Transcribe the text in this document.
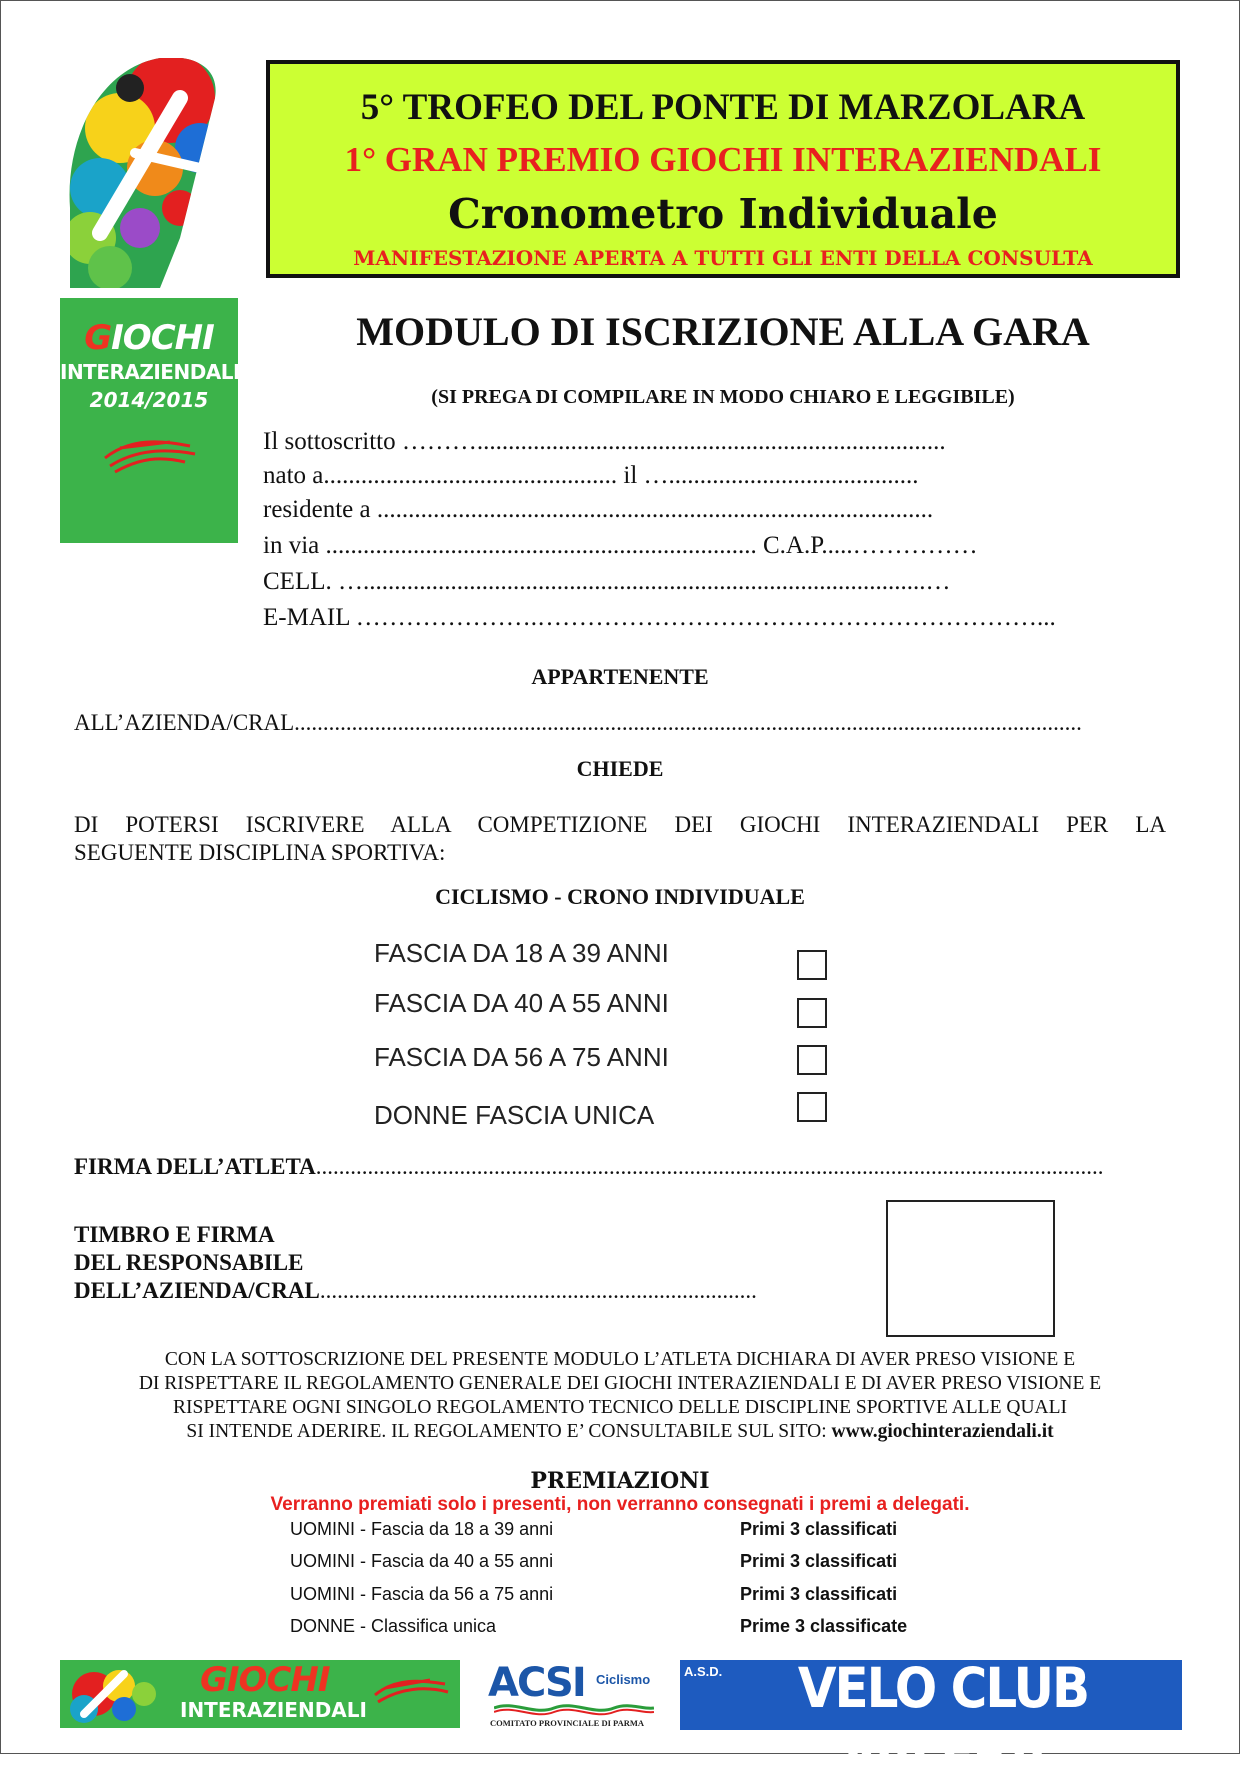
GIOCHI
INTERAZIENDALI
2014/2015
5° TROFEO DEL PONTE DI MARZOLARA
1° GRAN PREMIO GIOCHI INTERAZIENDALI
Cronometro Individuale
MANIFESTAZIONE APERTA A TUTTI GLI ENTI DELLA CONSULTA
MODULO DI ISCRIZIONE ALLA GARA
(SI PREGA DI COMPILARE IN MODO CHIARO E LEGGIBILE)
Il sottoscritto ………...........................................................................
nato a............................................... il …........................................
residente a .........................................................................................
in via ..................................................................... C.A.P.....……………
CELL. …..........................................................................................…
E-MAIL ………………….……………………………………………………...
APPARTENENTE
ALL’AZIENDA/CRAL.........................................................................................................................................
CHIEDE
DI POTERSI ISCRIVERE ALLA COMPETIZIONE DEI GIOCHI INTERAZIENDALI PER LA
SEGUENTE DISCIPLINA SPORTIVA:
CICLISMO - CRONO INDIVIDUALE
FASCIA DA 18 A 39 ANNI
FASCIA DA 40 A 55 ANNI
FASCIA DA 56 A 75 ANNI
DONNE FASCIA UNICA
FIRMA DELL’ATLETA.........................................................................................................................................
TIMBRO E FIRMA
DEL RESPONSABILE
DELL’AZIENDA/CRAL............................................................................
CON LA SOTTOSCRIZIONE DEL PRESENTE MODULO L’ATLETA DICHIARA DI AVER PRESO VISIONE E
DI RISPETTARE IL REGOLAMENTO GENERALE DEI GIOCHI INTERAZIENDALI E DI AVER PRESO VISIONE E
RISPETTARE OGNI SINGOLO REGOLAMENTO TECNICO DELLE DISCIPLINE SPORTIVE ALLE QUALI
SI INTENDE ADERIRE. IL REGOLAMENTO E’ CONSULTABILE SUL SITO: www.giochinteraziendali.it
PREMIAZIONI
Verranno premiati solo i presenti, non verranno consegnati i premi a delegati.
UOMINI - Fascia da 18 a 39 anni	Primi 3 classificati
UOMINI - Fascia da 40 a 55 anni	Primi 3 classificati
UOMINI - Fascia da 56 a 75 anni	Primi 3 classificati
DONNE - Classifica unica	Prime 3 classificate
GIOCHI
INTERAZIENDALI
ACSI Ciclismo
COMITATO PROVINCIALE DI PARMA
A.S.D.	VELO CLUB VALERA
